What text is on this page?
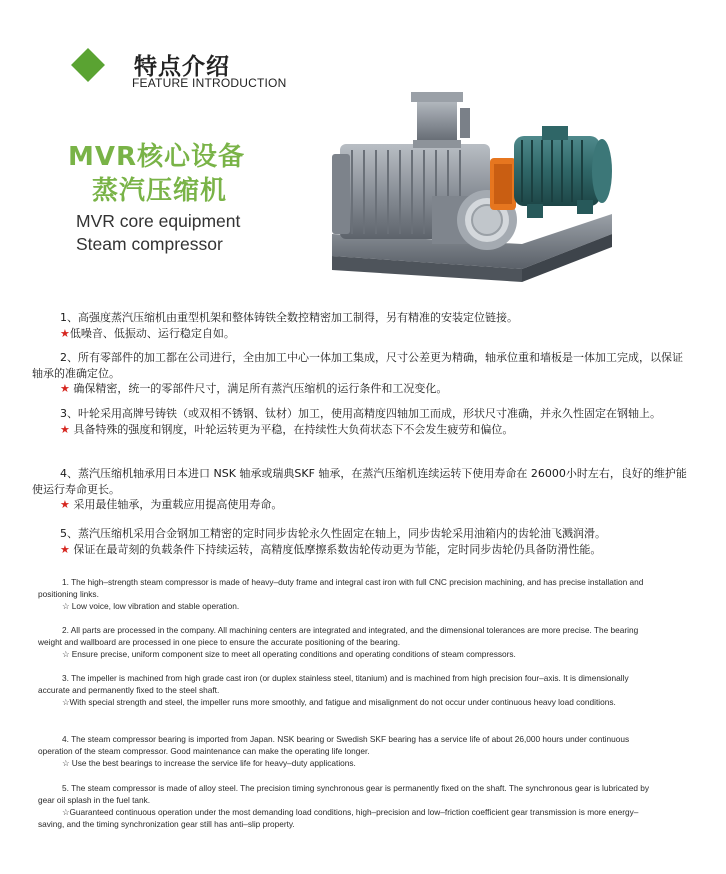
特点介绍
FEATURE INTRODUCTION
MVR核心设备
蒸汽压缩机
MVR core equipment
Steam compressor

1、高强度蒸汽压缩机由重型机架和整体铸铁全数控精密加工制得，另有精准的安装定位链接。

★低噪音、低振动、运行稳定自如。

2、所有零部件的加工都在公司进行，全由加工中心一体加工集成，尺寸公差更为精确，轴承位重和墙板是一体加工完成，以保证轴承的准确定位。

★ 确保精密，统一的零部件尺寸，满足所有蒸汽压缩机的运行条件和工况变化。

3、叶轮采用高牌号铸铁（或双相不锈钢、钛材）加工，使用高精度四轴加工而成，形状尺寸准确，并永久性固定在钢轴上。

★ 具备特殊的强度和钢度，叶轮运转更为平稳，在持续性大负荷状态下不会发生疲劳和偏位。

4、蒸汽压缩机轴承用日本进口 NSK 轴承或瑞典SKF 轴承，在蒸汽压缩机连续运转下使用寿命在 26000小时左右，良好的维护能使运行寿命更长。

★ 采用最佳轴承，为重载应用提高使用寿命。

5、蒸汽压缩机采用合金钢加工精密的定时同步齿轮永久性固定在轴上，同步齿轮采用油箱内的齿轮油飞溅润滑。

★ 保证在最苛刻的负载条件下持续运转，高精度低摩擦系数齿轮传动更为节能，定时同步齿轮仍具备防滑性能。

1. The high–strength steam compressor is made of heavy–duty frame and integral cast iron with full CNC precision machining, and has precise installation and positioning links.

☆ Low voice, low vibration and stable operation.

2. All parts are processed in the company. All machining centers are integrated and integrated, and the dimensional tolerances are more precise. The bearing weight and wallboard are processed in one piece to ensure the accurate positioning of the bearing.

☆ Ensure precise, uniform component size to meet all operating conditions and operating conditions of steam compressors.

3. The impeller is machined from high grade cast iron (or duplex stainless steel, titanium) and is machined from high precision four–axis. It is dimensionally accurate and permanently fixed to the steel shaft.

☆With special strength and steel, the impeller runs more smoothly, and fatigue and misalignment do not occur under continuous heavy load conditions.

4. The steam compressor bearing is imported from Japan. NSK bearing or Swedish SKF bearing has a service life of about 26,000 hours under continuous operation of the steam compressor. Good maintenance can make the operating life longer.

☆ Use the best bearings to increase the service life for heavy–duty applications.

5. The steam compressor is made of alloy steel. The precision timing synchronous gear is permanently fixed on the shaft. The synchronous gear is lubricated by gear oil splash in the fuel tank.

☆Guaranteed continuous operation under the most demanding load conditions, high–precision and low–friction coefficient gear transmission is more energy–saving, and the timing synchronization gear still has anti–slip property.
